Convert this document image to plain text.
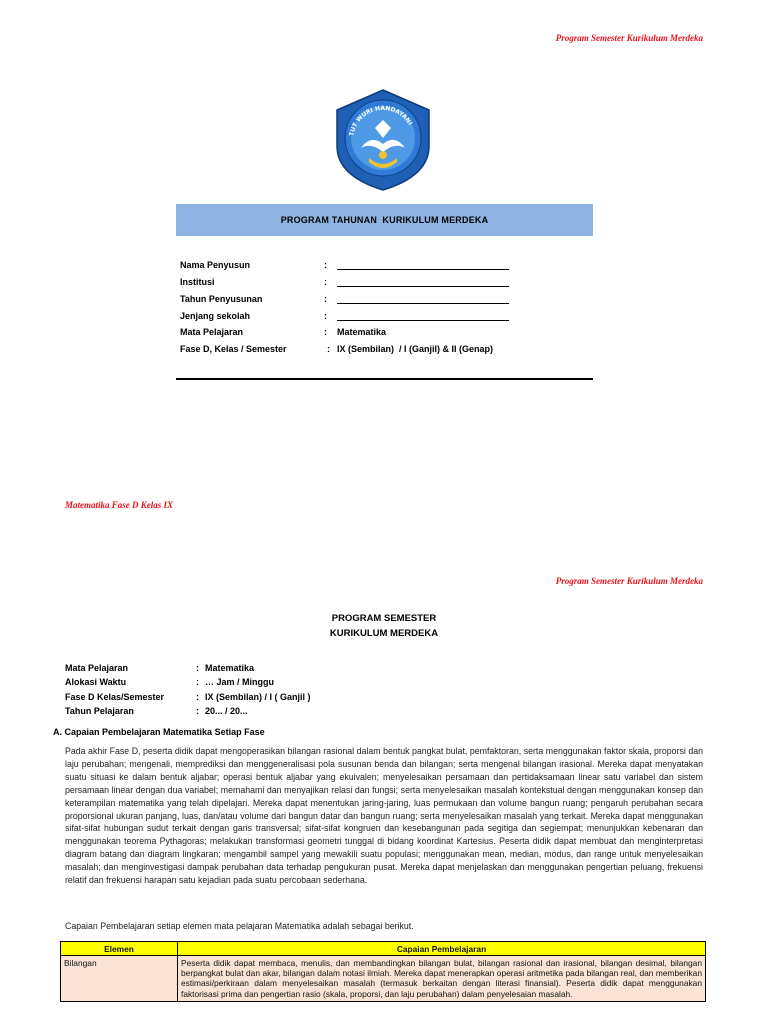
Program Semester Kurikulum Merdeka
TUT WURI HANDAYANI
PROGRAM TAHUNAN  KURIKULUM MERDEKA

Nama Penyusun	:

Institusi	:

Tahun Penyusunan	:

Jenjang sekolah	:

Mata Pelajaran	: Matematika

Fase D, Kelas / Semester	: IX (Sembilan)  / I (Ganjil) & II (Genap)

Matematika Fase D Kelas IX
Program Semester Kurikulum Merdeka
PROGRAM SEMESTER
KURIKULUM MERDEKA

Mata Pelajaran	: Matematika

Alokasi Waktu	: … Jam / Minggu

Fase D Kelas/Semester	: IX (Sembilan) / I ( Ganjil )

Tahun Pelajaran	: 20... / 20...

A. Capaian Pembelajaran Matematika Setiap Fase
Pada akhir Fase D, peserta didik dapat mengoperasikan bilangan rasional dalam bentuk pangkat bulat, pemfaktoran, serta menggunakan faktor skala, proporsi dan laju perubahan; mengenali, memprediksi dan menggeneralisasi pola susunan benda dan bilangan; serta mengenal bilangan irasional. Mereka dapat menyatakan suatu situasi ke dalam bentuk aljabar; operasi bentuk aljabar yang ekuivalen; menyelesaikan persamaan dan pertidaksamaan linear satu variabel dan sistem persamaan linear dengan dua variabel; memahami dan menyajikan relasi dan fungsi; serta menyelesaikan masalah kontekstual dengan menggunakan konsep dan keterampilan matematika yang telah dipelajari. Mereka dapat menentukan jaring-jaring, luas permukaan dan volume bangun ruang; pengaruh perubahan secara proporsional ukuran panjang, luas, dan/atau volume dari bangun datar dan bangun ruang; serta menyelesaikan masalah yang terkait. Mereka dapat menggunakan sifat-sifat hubungan sudut terkait dengan garis transversal; sifat-sifat kongruen dan kesebangunan pada segitiga dan segiempat; menunjukkan kebenaran dan menggunakan teorema Pythagoras; melakukan transformasi geometri tunggal di bidang koordinat Kartesius. Peserta didik dapat membuat dan menginterpretasi diagram batang dan diagram lingkaran; mengambil sampel yang mewakili suatu populasi; menggunakan mean, median, modus, dan range untuk menyelesaikan masalah; dan menginvestigasi dampak perubahan data terhadap pengukuran pusat. Mereka dapat menjelaskan dan menggunakan pengertian peluang, frekuensi relatif dan frekuensi harapan satu kejadian pada suatu percobaan sederhana.
Capaian Pembelajaran setiap elemen mata pelajaran Matematika adalah sebagai berikut.
Elemen	Capaian Pembelajaran
Bilangan	Peserta didik dapat membaca, menulis, dan membandingkan bilangan bulat, bilangan rasional dan irasional, bilangan desimal, bilangan berpangkat bulat dan akar, bilangan dalam notasi ilmiah. Mereka dapat menerapkan operasi aritmetika pada bilangan real, dan memberikan estimasi/perkiraan dalam menyelesaikan masalah (termasuk berkaitan dengan literasi finansial). Peserta didik dapat menggunakan faktorisasi prima dan pengertian rasio (skala, proporsi, dan laju perubahan) dalam penyelesaian masalah.
